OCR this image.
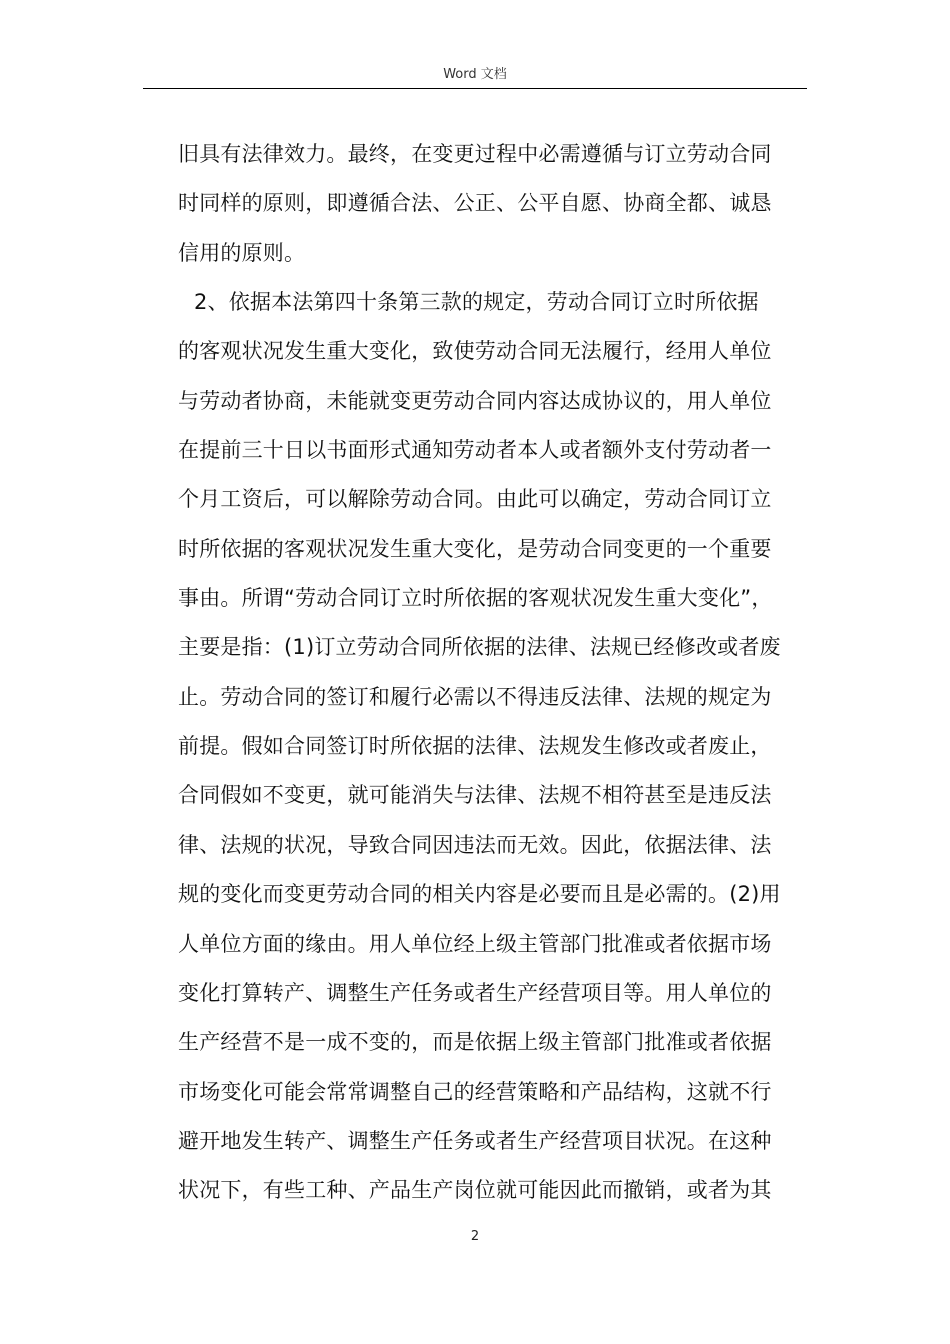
Word 文档
旧具有法律效力。最终，在变更过程中必需遵循与订立劳动合同
时同样的原则，即遵循合法、公正、公平自愿、协商全都、诚恳
信用的原则。
2、依据本法第四十条第三款的规定，劳动合同订立时所依据
的客观状况发生重大变化，致使劳动合同无法履行，经用人单位
与劳动者协商，未能就变更劳动合同内容达成协议的，用人单位
在提前三十日以书面形式通知劳动者本人或者额外支付劳动者一
个月工资后，可以解除劳动合同。由此可以确定，劳动合同订立
时所依据的客观状况发生重大变化，是劳动合同变更的一个重要
事由。所谓“劳动合同订立时所依据的客观状况发生重大变化”，
主要是指：(1)订立劳动合同所依据的法律、法规已经修改或者废
止。劳动合同的签订和履行必需以不得违反法律、法规的规定为
前提。假如合同签订时所依据的法律、法规发生修改或者废止，
合同假如不变更，就可能消失与法律、法规不相符甚至是违反法
律、法规的状况，导致合同因违法而无效。因此，依据法律、法
规的变化而变更劳动合同的相关内容是必要而且是必需的。(2)用
人单位方面的缘由。用人单位经上级主管部门批准或者依据市场
变化打算转产、调整生产任务或者生产经营项目等。用人单位的
生产经营不是一成不变的，而是依据上级主管部门批准或者依据
市场变化可能会常常调整自己的经营策略和产品结构，这就不行
避开地发生转产、调整生产任务或者生产经营项目状况。在这种
状况下，有些工种、产品生产岗位就可能因此而撤销，或者为其
2
